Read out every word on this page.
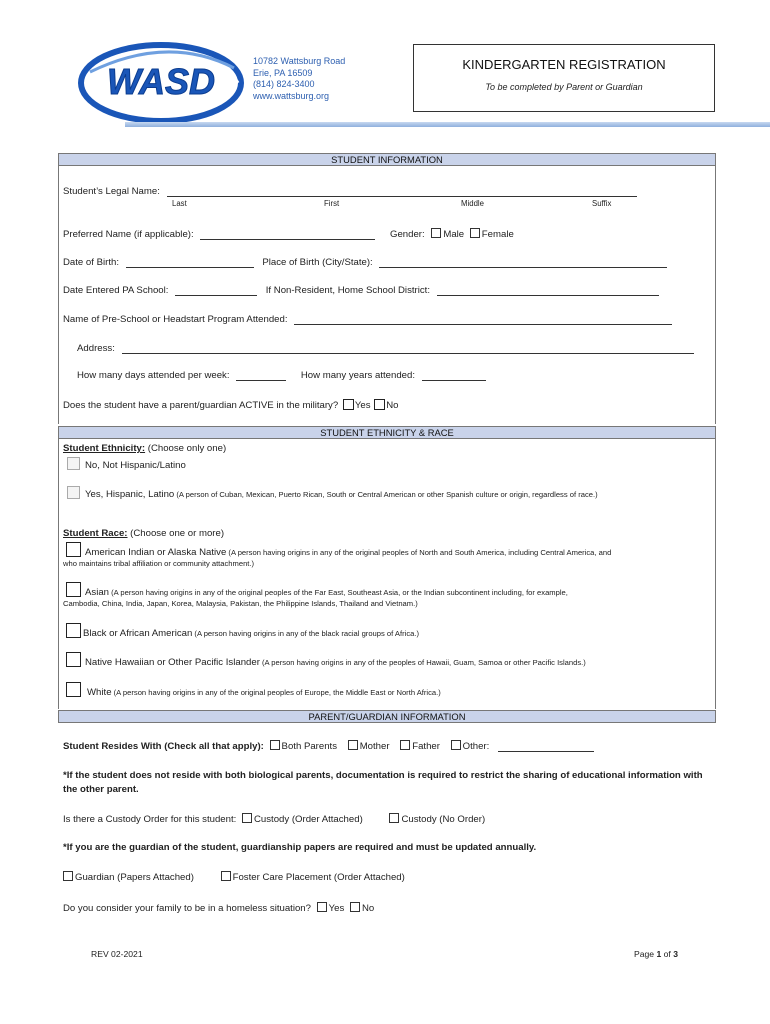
WASD	10782 Wattsburg Road
Erie, PA 16509
(814) 824-3400
www.wattsburg.org
KINDERGARTEN REGISTRATION
To be completed by Parent or Guardian
STUDENT INFORMATION
Student’s Legal Name:
Last	First	Middle	Suffix
Preferred Name (if applicable):	Gender: Male Female
Date of Birth:	Place of Birth (City/State):
Date Entered PA School:	If Non-Resident, Home School District:
Name of Pre-School or Headstart Program Attended:
Address:
How many days attended per week:	How many years attended:
Does the student have a parent/guardian ACTIVE in the military? Yes No
STUDENT ETHNICITY & RACE
Student Ethnicity: (Choose only one)
No, Not Hispanic/Latino
Yes, Hispanic, Latino (A person of Cuban, Mexican, Puerto Rican, South or Central American or other Spanish culture or origin, regardless of race.)
Student Race: (Choose one or more)
American Indian or Alaska Native (A person having origins in any of the original peoples of North and South America, including Central America, and
who maintains tribal affiliation or community attachment.)
Asian (A person having origins in any of the original peoples of the Far East, Southeast Asia, or the Indian subcontinent including, for example,
Cambodia, China, India, Japan, Korea, Malaysia, Pakistan, the Philippine Islands, Thailand and Vietnam.)
Black or African American (A person having origins in any of the black racial groups of Africa.)
Native Hawaiian or Other Pacific Islander (A person having origins in any of the peoples of Hawaii, Guam, Samoa or other Pacific Islands.)
White (A person having origins in any of the original peoples of Europe, the Middle East or North Africa.)
PARENT/GUARDIAN INFORMATION
Student Resides With (Check all that apply): Both Parents Mother Father Other:
*If the student does not reside with both biological parents, documentation is required to restrict the sharing of educational information with
the other parent.
Is there a Custody Order for this student: Custody (Order Attached)	Custody (No Order)
*If you are the guardian of the student, guardianship papers are required and must be updated annually.
Guardian (Papers Attached)	Foster Care Placement (Order Attached)
Do you consider your family to be in a homeless situation? Yes No
REV 02-2021	Page 1 of 3
